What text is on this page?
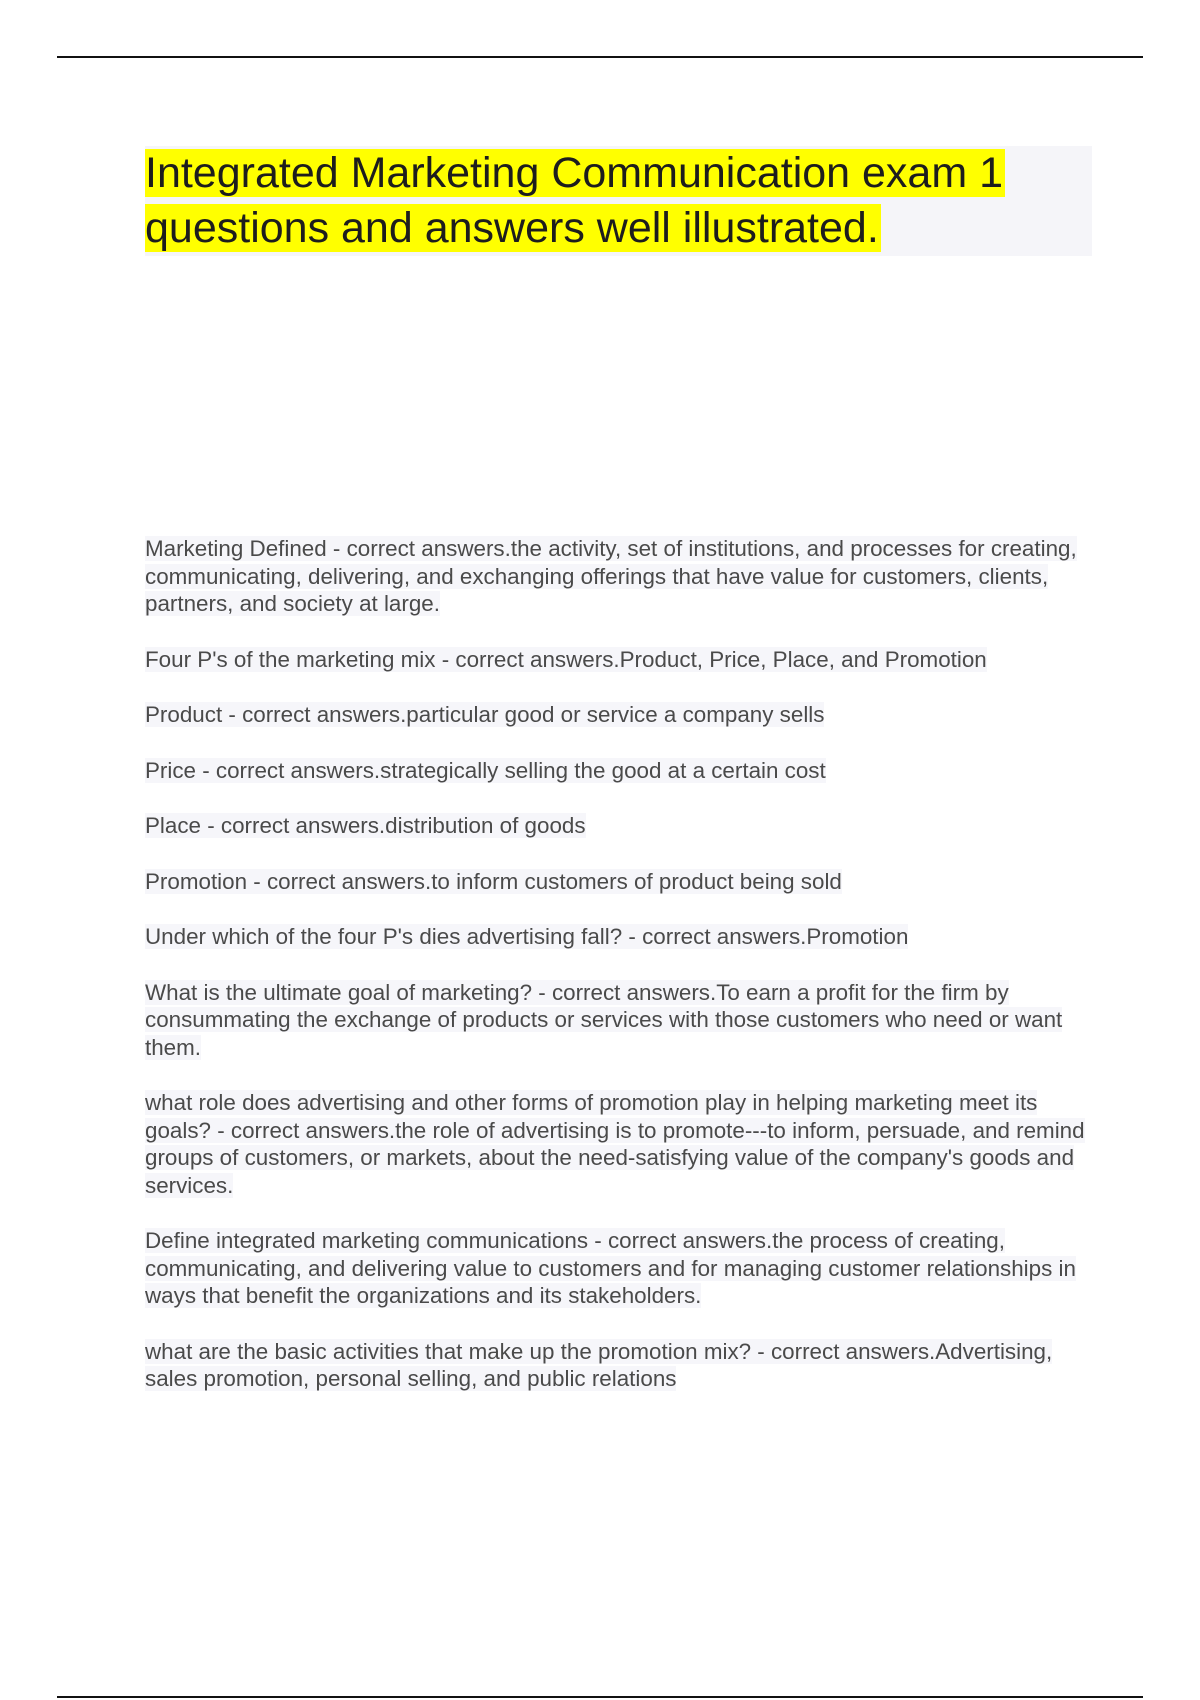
Integrated Marketing Communication exam 1 questions and answers well illustrated.

Marketing Defined - correct answers.the activity, set of institutions, and processes for creating, communicating, delivering, and exchanging offerings that have value for customers, clients, partners, and society at large.

Four P's of the marketing mix - correct answers.Product, Price, Place, and Promotion

Product - correct answers.particular good or service a company sells

Price - correct answers.strategically selling the good at a certain cost

Place - correct answers.distribution of goods

Promotion - correct answers.to inform customers of product being sold

Under which of the four P's dies advertising fall? - correct answers.Promotion

What is the ultimate goal of marketing? - correct answers.To earn a profit for the firm by consummating the exchange of products or services with those customers who need or want them.

what role does advertising and other forms of promotion play in helping marketing meet its goals? - correct answers.the role of advertising is to promote---to inform, persuade, and remind groups of customers, or markets, about the need-satisfying value of the company's goods and services.

Define integrated marketing communications - correct answers.the process of creating, communicating, and delivering value to customers and for managing customer relationships in ways that benefit the organizations and its stakeholders.

what are the basic activities that make up the promotion mix? - correct answers.Advertising, sales promotion, personal selling, and public relations
